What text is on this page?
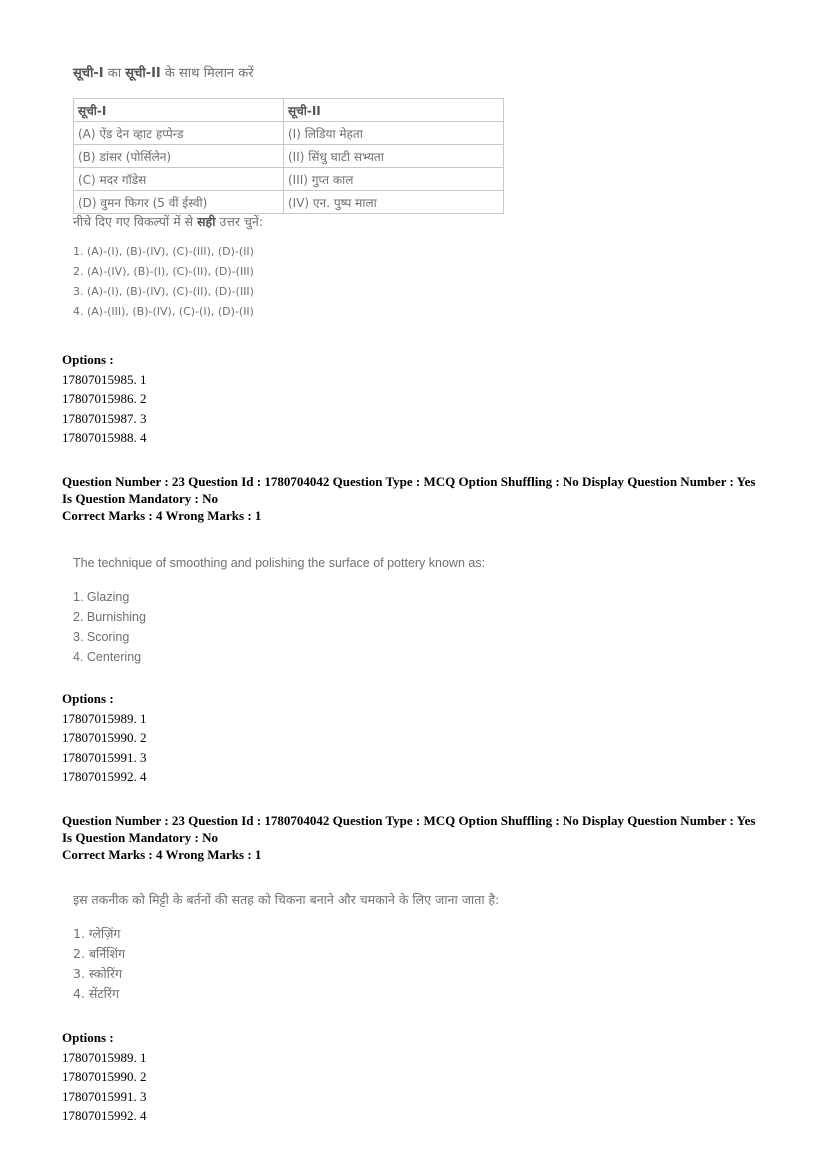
सूची-I का सूची-II के साथ मिलान करें
सूची-I	सूची-II
(A) ऐंड देन व्हाट हप्पेन्ड	(I) लिडिया मेहता
(B) डांसर (पोर्सिलेन)	(II) सिंधु घाटी सभ्यता
(C) मदर गॉडेस	(III) गुप्त काल
(D) वुमन फिगर (5 वीं ईस्वी)	(IV) एन. पुष्प माला
नीचे दिए गए विकल्पों में से सही उत्तर चुनें:
1. (A)-(I), (B)-(IV), (C)-(III), (D)-(II)
2. (A)-(IV), (B)-(I), (C)-(II), (D)-(III)
3. (A)-(I), (B)-(IV), (C)-(II), (D)-(III)
4. (A)-(III), (B)-(IV), (C)-(I), (D)-(II)
Options :
17807015985. 1
17807015986. 2
17807015987. 3
17807015988. 4
Question Number : 23 Question Id : 1780704042 Question Type : MCQ Option Shuffling : No Display Question Number : Yes
Is Question Mandatory : No
Correct Marks : 4 Wrong Marks : 1
The technique of smoothing and polishing the surface of pottery known as:
1. Glazing
2. Burnishing
3. Scoring
4. Centering
Options :
17807015989. 1
17807015990. 2
17807015991. 3
17807015992. 4
Question Number : 23 Question Id : 1780704042 Question Type : MCQ Option Shuffling : No Display Question Number : Yes
Is Question Mandatory : No
Correct Marks : 4 Wrong Marks : 1
इस तकनीक को मिट्टी के बर्तनों की सतह को चिकना बनाने और चमकाने के लिए जाना जाता है:
1. ग्लेज़िंग
2. बर्निशिंग
3. स्कोरिंग
4. सेंटरिंग
Options :
17807015989. 1
17807015990. 2
17807015991. 3
17807015992. 4
